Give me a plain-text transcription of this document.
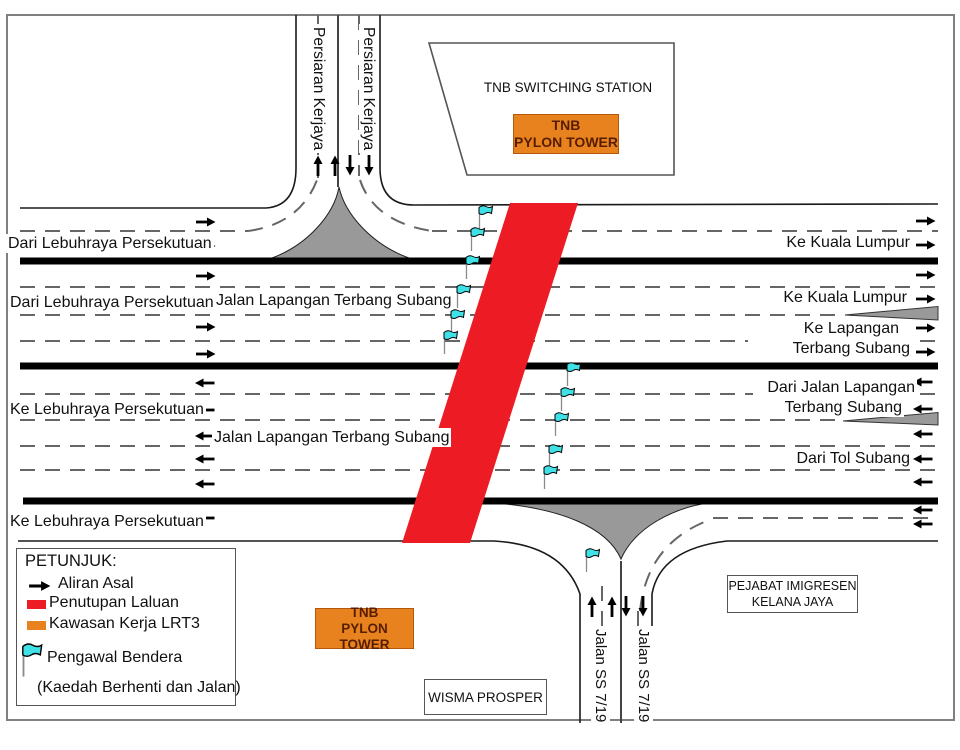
Persiaran Kerjaya Persiaran Kerjaya
Jalan SS 7/19 Jalan SS 7/19
Dari Lebuhraya Persekutuan
Dari Lebuhraya Persekutuan
Ke Lebuhraya Persekutuan
Ke Lebuhraya Persekutuan
Jalan Lapangan Terbang Subang
Jalan Lapangan Terbang Subang
Ke Kuala Lumpur
Ke Kuala Lumpur
Ke Lapangan
Terbang Subang
Dari Jalan Lapangan
Terbang Subang
Dari Tol Subang
TNB SWITCHING STATION
TNB
PYLON TOWER
TNB
PYLON TOWER
PEJABAT IMIGRESEN
KELANA JAYA
WISMA PROSPER
PETUNJUK:
Aliran Asal
Penutupan Laluan
Kawasan Kerja LRT3
Pengawal Bendera
(Kaedah Berhenti dan Jalan)
